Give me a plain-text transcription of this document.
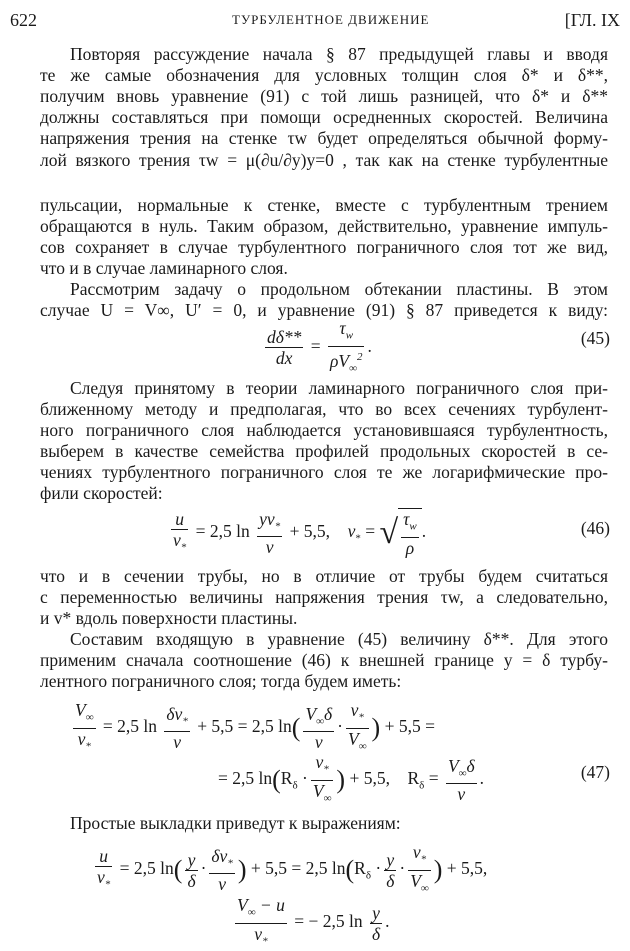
622	ТУРБУЛЕНТНОЕ ДВИЖЕНИЕ	[ГЛ. IX
Повторяя рассуждение начала § 87 предыдущей главы и вводя
те же самые обозначения для условных толщин слоя δ* и δ**,
получим вновь уравнение (91) с той лишь разницей, что δ* и δ**
должны составляться при помощи осредненных скоростей. Величина
напряжения трения на стенке τw будет определяться обычной форму-
лой вязкого трения τw = μ(∂u/∂y)y=0 , так как на стенке турбулентные
пульсации, нормальные к стенке, вместе с турбулентным трением
обращаются в нуль. Таким образом, действительно, уравнение импуль-
сов сохраняет в случае турбулентного пограничного слоя тот же вид,
что и в случае ламинарного слоя.
Рассмотрим задачу о продольном обтекании пластины. В этом
случае U = V∞, U′ = 0, и уравнение (91) § 87 приведется к виду:
$\frac{d\delta**}{dx} = \frac{\tau_w}{\rho V_\infty^2}$ .	(45)
Следуя принятому в теории ламинарного пограничного слоя при-
ближенному методу и предполагая, что во всех сечениях турбулент-
ного пограничного слоя наблюдается установившаяся турбулентность,
выберем в качестве семейства профилей продольных скоростей в се-
чениях турбулентного пограничного слоя те же логарифмические про-
фили скоростей:
$\frac{u}{v_*} = 2,5$ $\ln \frac{yv_*}{\nu} + 5,5$,    $v_*$ = √ $\frac{\tau_w}{\rho}$ .	(46)
что и в сечении трубы, но в отличие от трубы будем считаться
с переменностью величины напряжения трения τw, а следовательно,
и v* вдоль поверхности пластины.
Составим входящую в уравнение (45) величину δ**. Для этого
применим сначала соотношение (46) к внешней границе y = δ турбу-
лентного пограничного слоя; тогда будем иметь:
$\frac{V_\infty}{v_*} = 2,5$ $\ln \frac{\delta v_*}{\nu} + 5,5 = 2,5$ $\ln( \frac{V_\infty\delta}{\nu} \cdot \frac{v_*}{V_\infty}$ ) + 5,5 =
= 2,5 $\ln(R_\delta \cdot \frac{v_*}{V_\infty}$ ) + 5,5,    $R_\delta = \frac{V_\infty\delta}{\nu}$ .	(47)
Простые выкладки приведут к выражениям:
$\frac{u}{v_*} = 2,5$ $\ln( \frac{y}{\delta} \cdot \frac{\delta v_*}{\nu}$ ) + 5,5 = 2,5 $\ln(R_\delta \cdot \frac{y}{\delta} \cdot \frac{v_*}{V_\infty}$ ) + 5,5,
$\frac{V_\infty - u}{v_*}$ = − 2,5 $\ln \frac{y}{\delta}$ .
